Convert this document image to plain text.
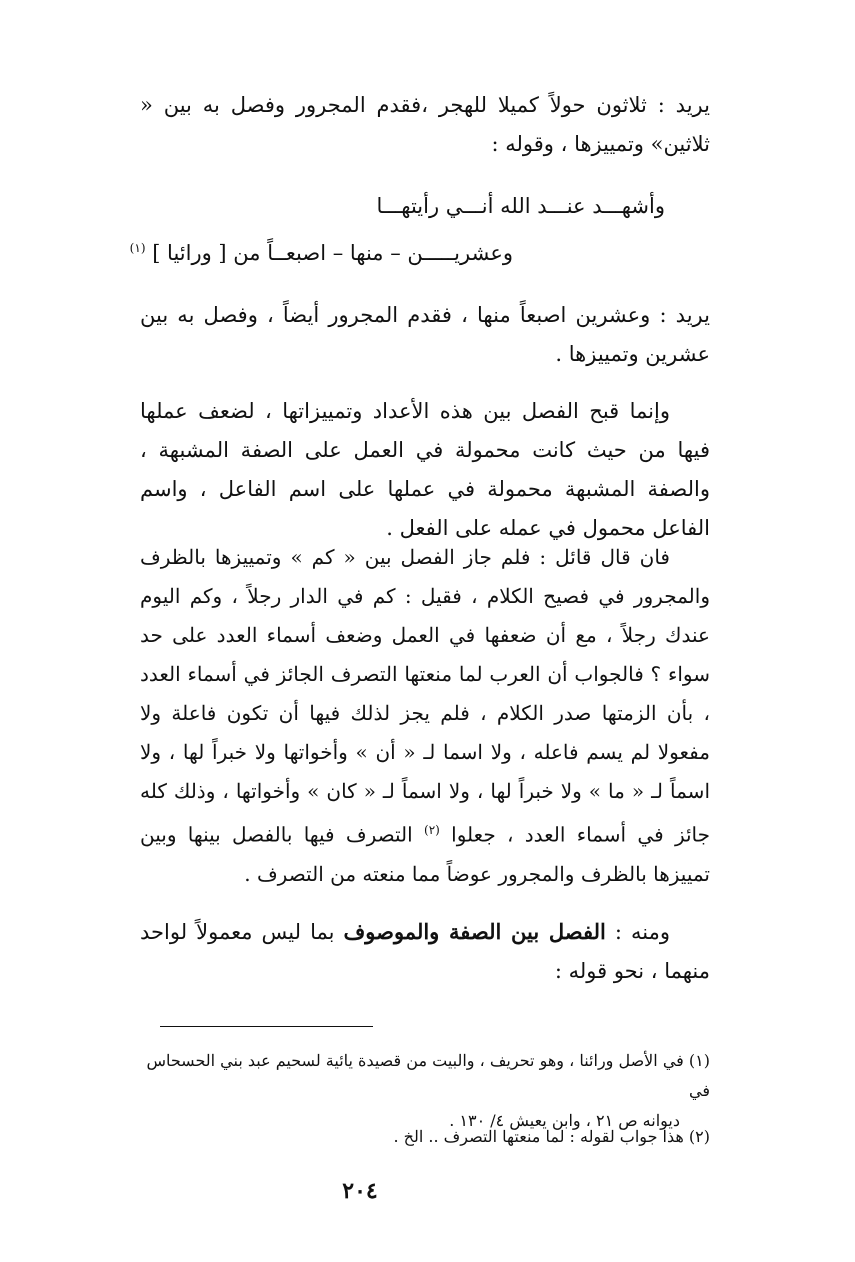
يريد : ثلاثون حولاً كميلا للهجر ،فقدم المجرور وفصل به بين « ثلاثين» وتمييزها ، وقوله :

وأشهـــد عنـــد الله أنـــي رأيتهـــا
وعشريـــــن – منها – اصبعــاً من [ ورائيا ] $^{(١)}$

يريد : وعشرين اصبعاً منها ، فقدم المجرور أيضاً ، وفصل به بين عشرين وتمييزها .

وإنما قبح الفصل بين هذه الأعداد وتمييزاتها ، لضعف عملها فيها من حيث كانت محمولة في العمل على الصفة المشبهة ، والصفة المشبهة محمولة في عملها على اسم الفاعل ، واسم الفاعل محمول في عمله على الفعل .

فان قال قائل : فلم جاز الفصل بين « كم » وتمييزها بالظرف والمجرور في فصيح الكلام ، فقيل : كم في الدار رجلاً ، وكم اليوم عندك رجلاً ، مع أن ضعفها في العمل وضعف أسماء العدد على حد سواء ؟ فالجواب أن العرب لما منعتها التصرف الجائز في أسماء العدد ، بأن الزمتها صدر الكلام ، فلم يجز لذلك فيها أن تكون فاعلة ولا مفعولا لم يسم فاعله ، ولا اسما لـ « أن » وأخواتها ولا خبراً لها ، ولا اسماً لـ « ما » ولا خبراً لها ، ولا اسماً لـ « كان » وأخواتها ، وذلك كله جائز في أسماء العدد ، جعلوا $^{(٢)}$ التصرف فيها بالفصل بينها وبين تمييزها بالظرف والمجرور عوضاً مما منعته من التصرف .

ومنه : الفصل بين الصفة والموصوف بما ليس معمولاً لواحد منهما ، نحو قوله :

(١) في الأصل ورائنا ، وهو تحريف ، والبيت من قصيدة يائية لسحيم عبد بني الحسحاس في
ديوانه ص ٢١ ، وابن يعيش ٤/ ١٣٠ .
(٢) هذا جواب لقوله : لما منعتها التصرف .. الخ .
٢٠٤
